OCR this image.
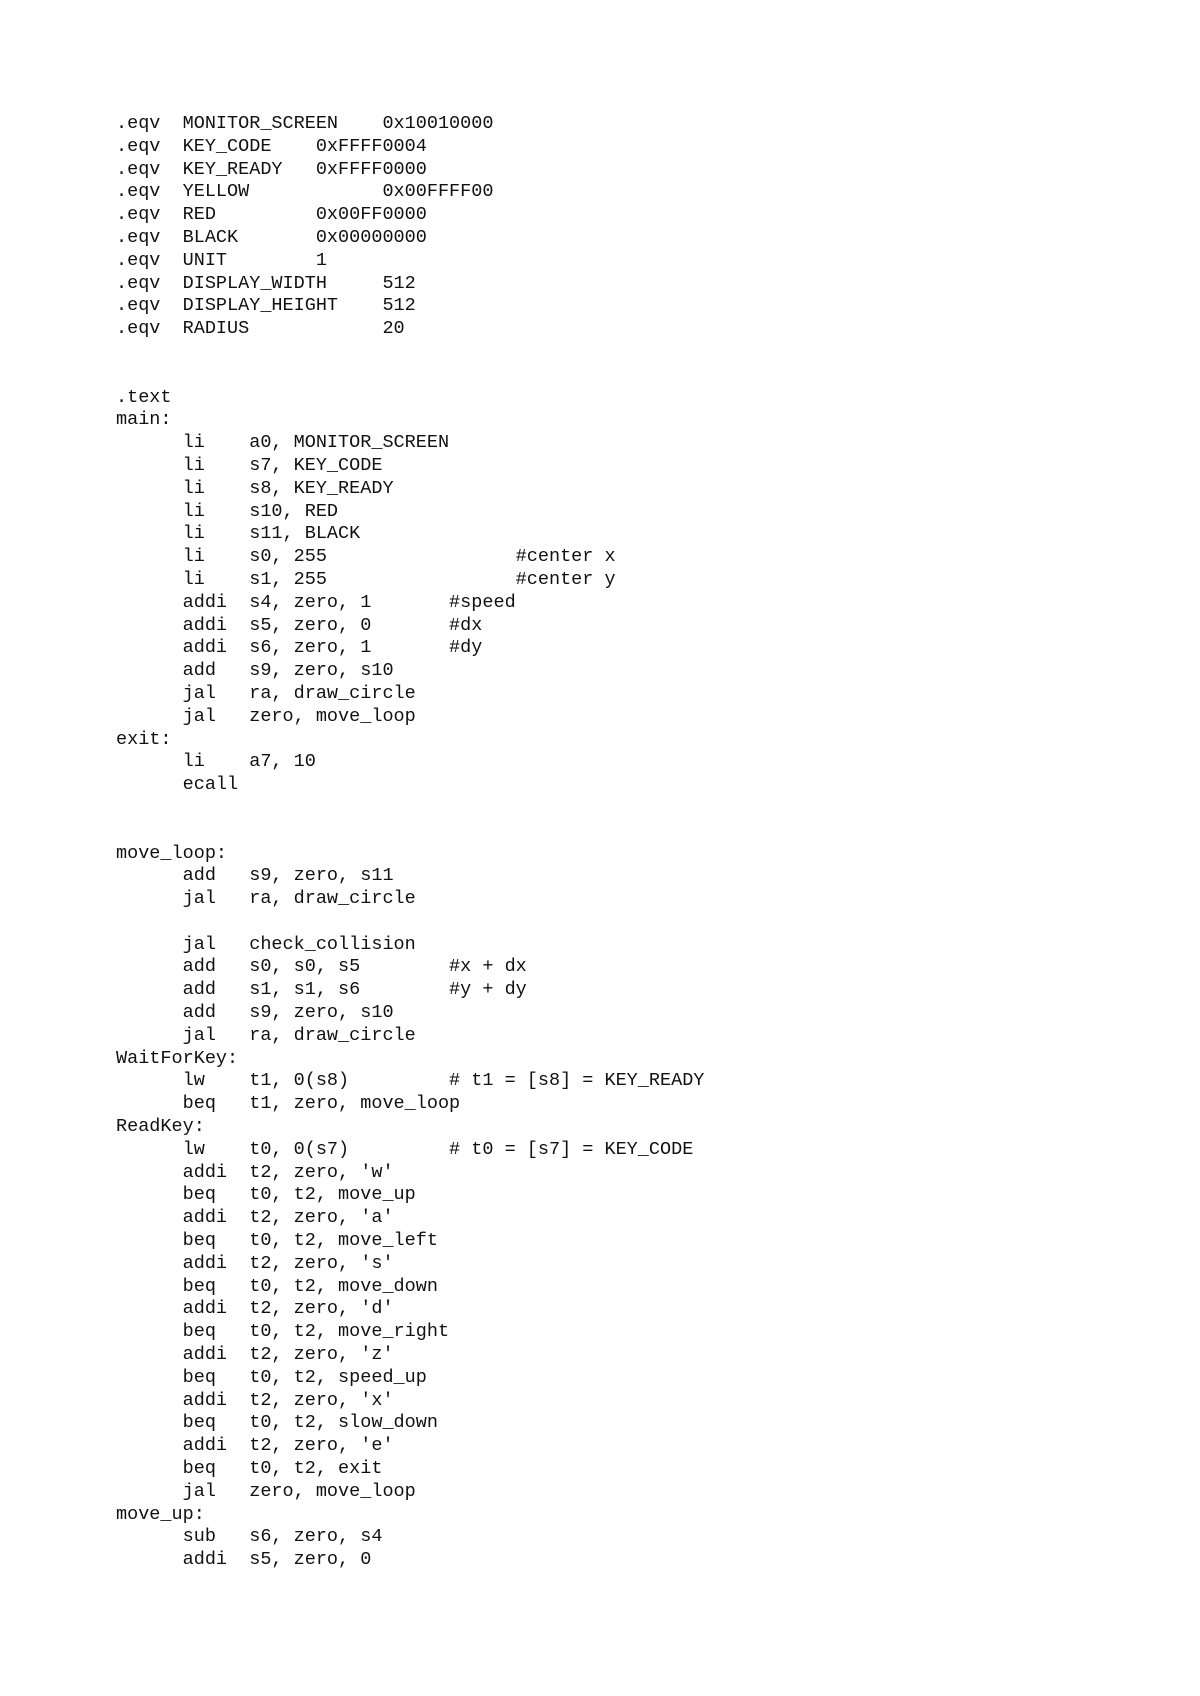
.eqv  MONITOR_SCREEN    0x10010000
.eqv  KEY_CODE    0xFFFF0004
.eqv  KEY_READY   0xFFFF0000
.eqv  YELLOW            0x00FFFF00
.eqv  RED         0x00FF0000
.eqv  BLACK       0x00000000
.eqv  UNIT        1
.eqv  DISPLAY_WIDTH     512
.eqv  DISPLAY_HEIGHT    512
.eqv  RADIUS            20
.text
main:
li    a0, MONITOR_SCREEN
li    s7, KEY_CODE
li    s8, KEY_READY
li    s10, RED
li    s11, BLACK
li    s0, 255                 #center x
li    s1, 255                 #center y
addi  s4, zero, 1       #speed
addi  s5, zero, 0       #dx
addi  s6, zero, 1       #dy
add   s9, zero, s10
jal   ra, draw_circle
jal   zero, move_loop
exit:
li    a7, 10
ecall
move_loop:
add   s9, zero, s11
jal   ra, draw_circle
jal   check_collision
add   s0, s0, s5        #x + dx
add   s1, s1, s6        #y + dy
add   s9, zero, s10
jal   ra, draw_circle
WaitForKey:
lw    t1, 0(s8)         # t1 = [s8] = KEY_READY
beq   t1, zero, move_loop
ReadKey:
lw    t0, 0(s7)         # t0 = [s7] = KEY_CODE
addi  t2, zero, 'w'
beq   t0, t2, move_up
addi  t2, zero, 'a'
beq   t0, t2, move_left
addi  t2, zero, 's'
beq   t0, t2, move_down
addi  t2, zero, 'd'
beq   t0, t2, move_right
addi  t2, zero, 'z'
beq   t0, t2, speed_up
addi  t2, zero, 'x'
beq   t0, t2, slow_down
addi  t2, zero, 'e'
beq   t0, t2, exit
jal   zero, move_loop
move_up:
sub   s6, zero, s4
addi  s5, zero, 0
